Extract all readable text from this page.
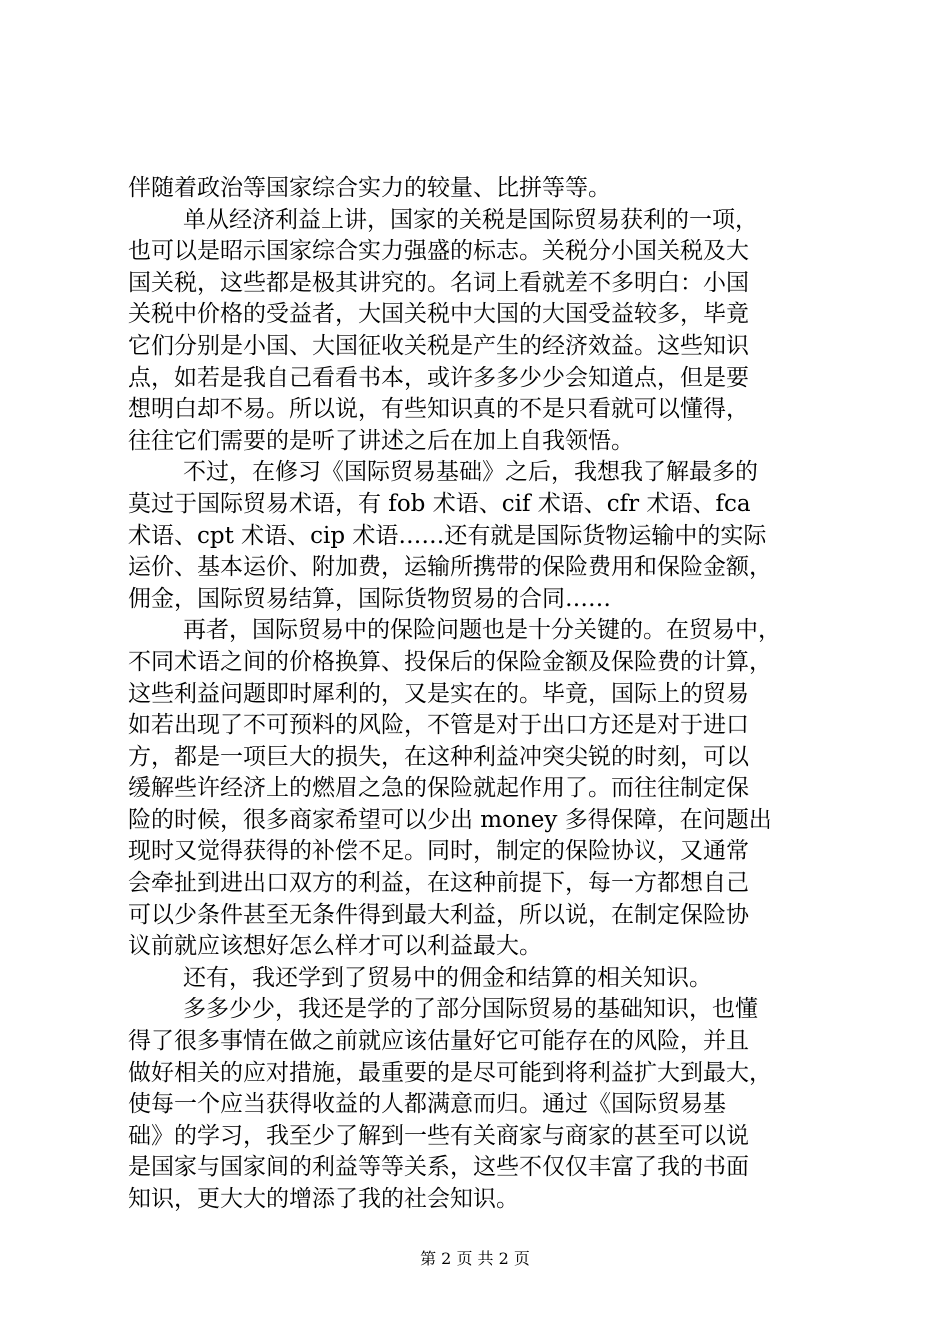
伴随着政治等国家综合实力的较量、比拼等等。
单从经济利益上讲，国家的关税是国际贸易获利的一项，
也可以是昭示国家综合实力强盛的标志。关税分小国关税及大
国关税，这些都是极其讲究的。名词上看就差不多明白：小国
关税中价格的受益者，大国关税中大国的大国受益较多，毕竟
它们分别是小国、大国征收关税是产生的经济效益。这些知识
点，如若是我自己看看书本，或许多多少少会知道点，但是要
想明白却不易。所以说，有些知识真的不是只看就可以懂得，
往往它们需要的是听了讲述之后在加上自我领悟。
不过，在修习《国际贸易基础》之后，我想我了解最多的
莫过于国际贸易术语，有 fob 术语、cif 术语、cfr 术语、fca
术语、cpt 术语、cip 术语……还有就是国际货物运输中的实际
运价、基本运价、附加费，运输所携带的保险费用和保险金额，
佣金，国际贸易结算，国际货物贸易的合同……
再者，国际贸易中的保险问题也是十分关键的。在贸易中，
不同术语之间的价格换算、投保后的保险金额及保险费的计算，
这些利益问题即时犀利的，又是实在的。毕竟，国际上的贸易
如若出现了不可预料的风险，不管是对于出口方还是对于进口
方，都是一项巨大的损失，在这种利益冲突尖锐的时刻，可以
缓解些许经济上的燃眉之急的保险就起作用了。而往往制定保
险的时候，很多商家希望可以少出 money 多得保障，在问题出
现时又觉得获得的补偿不足。同时，制定的保险协议，又通常
会牵扯到进出口双方的利益，在这种前提下，每一方都想自己
可以少条件甚至无条件得到最大利益，所以说，在制定保险协
议前就应该想好怎么样才可以利益最大。
还有，我还学到了贸易中的佣金和结算的相关知识。
多多少少，我还是学的了部分国际贸易的基础知识，也懂
得了很多事情在做之前就应该估量好它可能存在的风险，并且
做好相关的应对措施，最重要的是尽可能到将利益扩大到最大，
使每一个应当获得收益的人都满意而归。通过《国际贸易基
础》的学习，我至少了解到一些有关商家与商家的甚至可以说
是国家与国家间的利益等等关系，这些不仅仅丰富了我的书面
知识，更大大的增添了我的社会知识。
第 2 页 共 2 页
